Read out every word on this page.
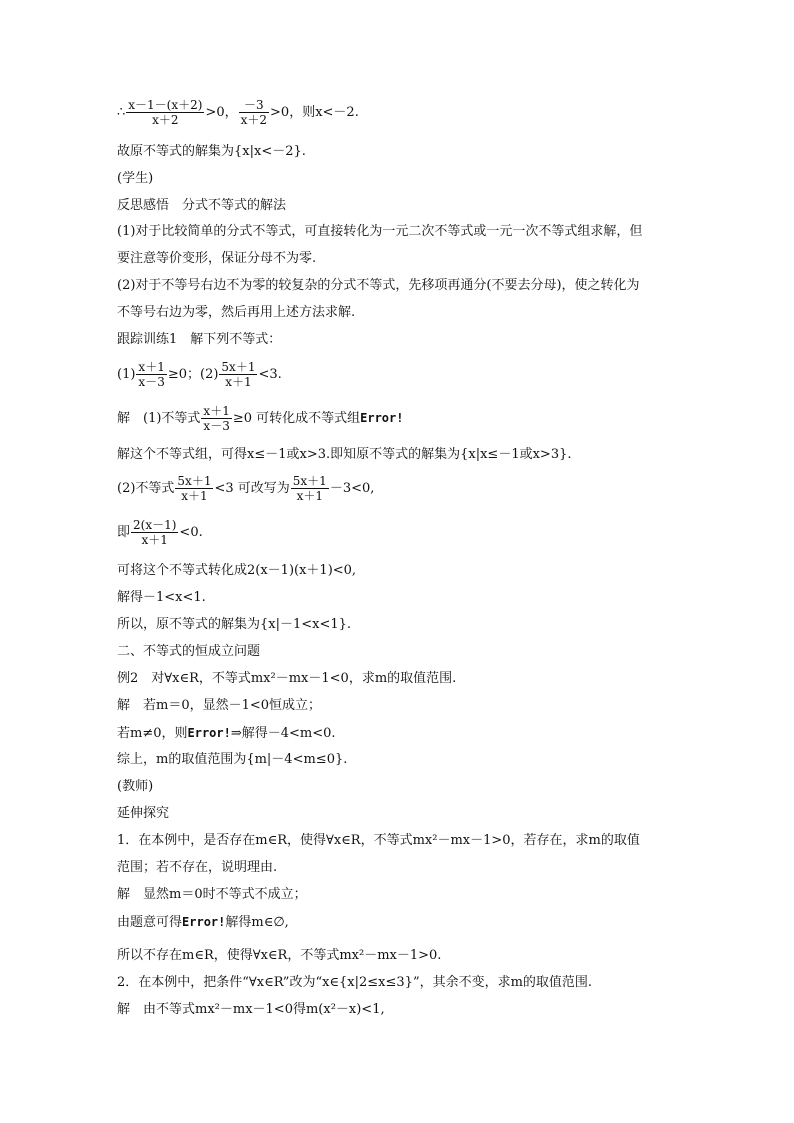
∴ $\frac{x-1-(x+2)}{x+2} >0$， $\frac{-3}{x+2} >0$，则x<－2.
故原不等式的解集为{x|x<－2}.
(学生)
反思感悟　分式不等式的解法
(1)对于比较简单的分式不等式，可直接转化为一元二次不等式或一元一次不等式组求解，但
要注意等价变形，保证分母不为零.
(2)对于不等号右边不为零的较复杂的分式不等式，先移项再通分(不要去分母)，使之转化为
不等号右边为零，然后再用上述方法求解.
跟踪训练1　解下列不等式：
$(1) \frac{x+1}{x-3} \ge 0$；$(2) \frac{5x+1}{x+1} <3$.
解　(1)不等式 $\frac{x+1}{x-3} \ge 0$ 可转化成不等式组Error!
解这个不等式组，可得x≤－1或x>3.即知原不等式的解集为{x|x≤－1或x>3}.
(2)不等式 $\frac{5x+1}{x+1} <3$ 可改写为 $\frac{5x+1}{x+1} -3<0$,
即 $\frac{2(x-1)}{x+1} <0$.
可将这个不等式转化成2(x－1)(x＋1)<0,
解得－1<x<1.
所以，原不等式的解集为{x|－1<x<1}.
二、不等式的恒成立问题
例2　对∀x∈R，不等式mx²－mx－1<0，求m的取值范围.
解　若m＝0，显然－1<0恒成立；
若m≠0，则Error!⇒解得－4<m<0.
综上，m的取值范围为{m|－4<m≤0}.
(教师)
延伸探究
1．在本例中，是否存在m∈R，使得∀x∈R，不等式mx²－mx－1>0，若存在，求m的取值
范围；若不存在，说明理由.
解　显然m＝0时不等式不成立；
由题意可得Error!解得m∈∅,
所以不存在m∈R，使得∀x∈R，不等式mx²－mx－1>0.
2．在本例中，把条件“∀x∈R”改为“x∈{x|2≤x≤3}”，其余不变，求m的取值范围.
解　由不等式mx²－mx－1<0得m(x²－x)<1,
